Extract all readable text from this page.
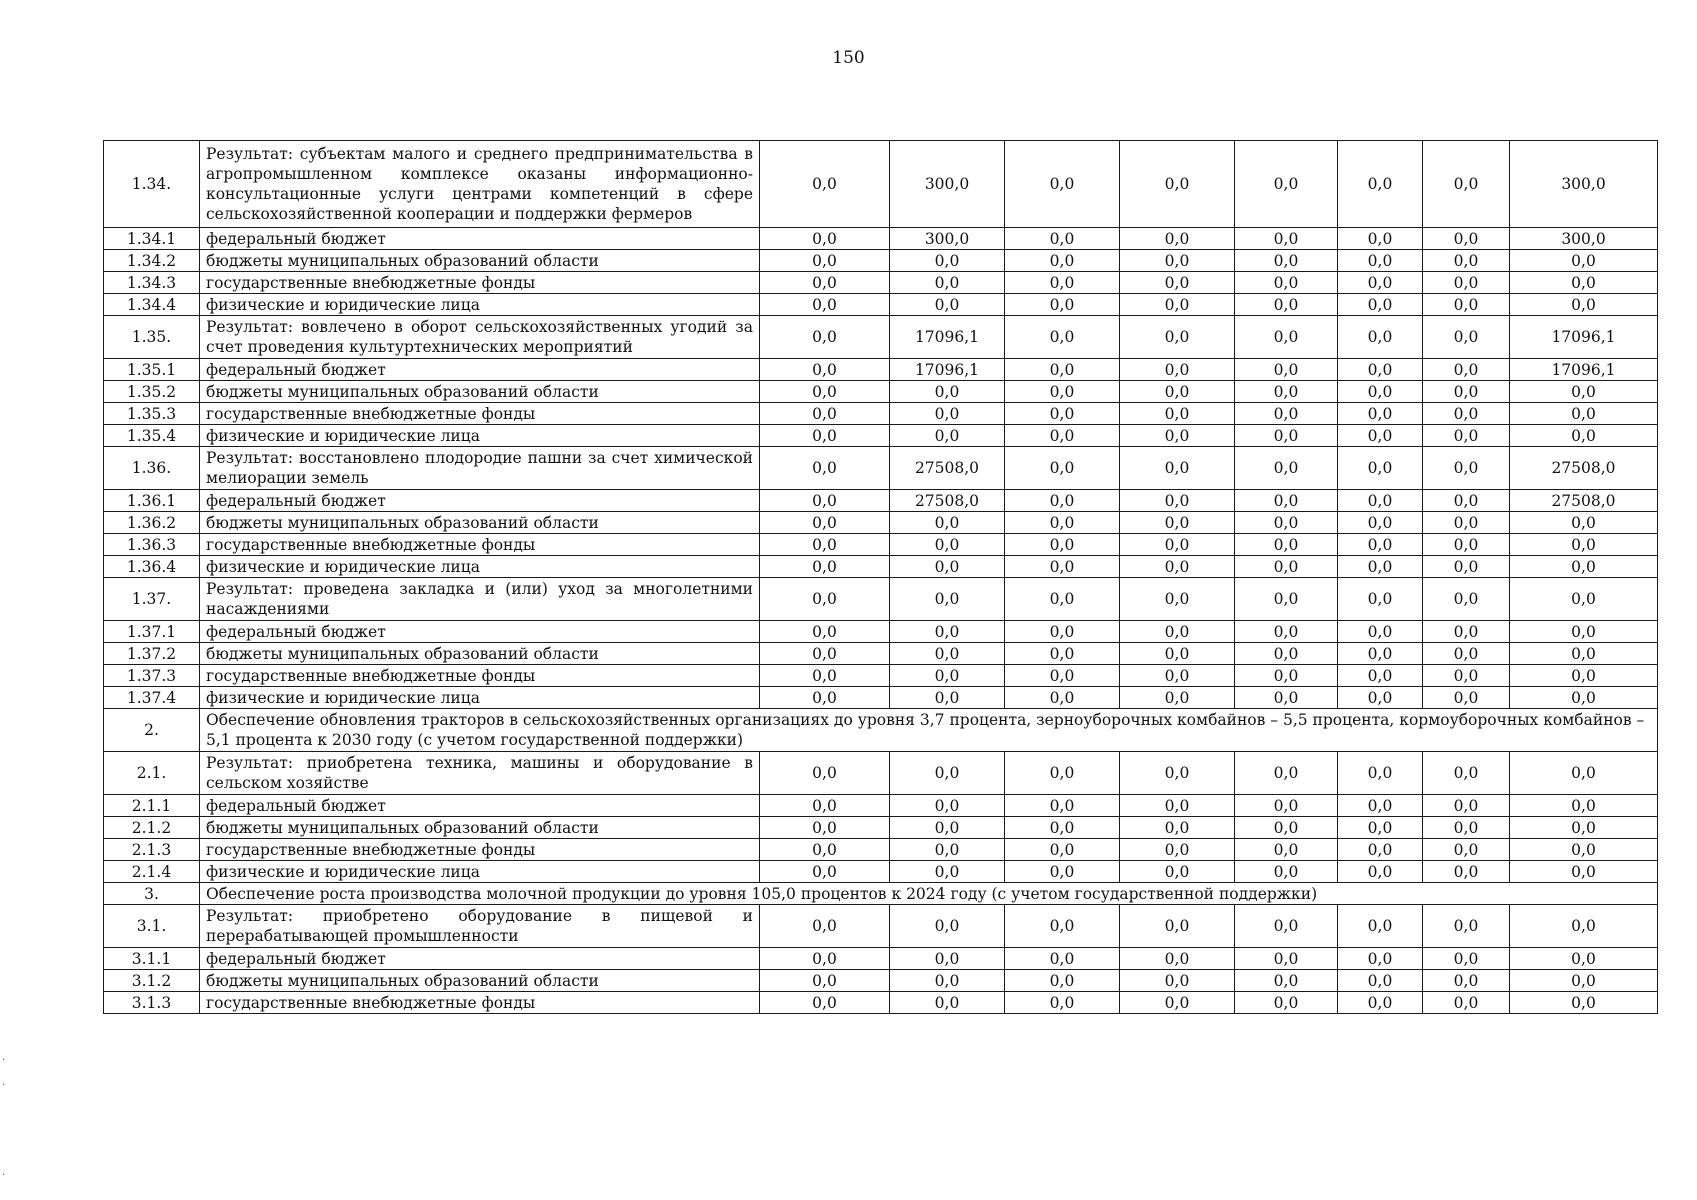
150
1.34.	Результат: субъектам малого и среднего предпринимательства в агропромышленном комплексе оказаны информационно-консультационные услуги центрами компетенций в сфере сельскохозяйственной кооперации и поддержки фермеров	0,0	300,0	0,0	0,0	0,0	0,0	0,0	300,0
1.34.1	федеральный бюджет	0,0	300,0	0,0	0,0	0,0	0,0	0,0	300,0
1.34.2	бюджеты муниципальных образований области	0,0	0,0	0,0	0,0	0,0	0,0	0,0	0,0
1.34.3	государственные внебюджетные фонды	0,0	0,0	0,0	0,0	0,0	0,0	0,0	0,0
1.34.4	физические и юридические лица	0,0	0,0	0,0	0,0	0,0	0,0	0,0	0,0
1.35.	Результат: вовлечено в оборот сельскохозяйственных угодий за счет проведения культуртехнических мероприятий	0,0	17096,1	0,0	0,0	0,0	0,0	0,0	17096,1
1.35.1	федеральный бюджет	0,0	17096,1	0,0	0,0	0,0	0,0	0,0	17096,1
1.35.2	бюджеты муниципальных образований области	0,0	0,0	0,0	0,0	0,0	0,0	0,0	0,0
1.35.3	государственные внебюджетные фонды	0,0	0,0	0,0	0,0	0,0	0,0	0,0	0,0
1.35.4	физические и юридические лица	0,0	0,0	0,0	0,0	0,0	0,0	0,0	0,0
1.36.	Результат: восстановлено плодородие пашни за счет химической мелиорации земель	0,0	27508,0	0,0	0,0	0,0	0,0	0,0	27508,0
1.36.1	федеральный бюджет	0,0	27508,0	0,0	0,0	0,0	0,0	0,0	27508,0
1.36.2	бюджеты муниципальных образований области	0,0	0,0	0,0	0,0	0,0	0,0	0,0	0,0
1.36.3	государственные внебюджетные фонды	0,0	0,0	0,0	0,0	0,0	0,0	0,0	0,0
1.36.4	физические и юридические лица	0,0	0,0	0,0	0,0	0,0	0,0	0,0	0,0
1.37.	Результат: проведена закладка и (или) уход за многолетними насаждениями	0,0	0,0	0,0	0,0	0,0	0,0	0,0	0,0
1.37.1	федеральный бюджет	0,0	0,0	0,0	0,0	0,0	0,0	0,0	0,0
1.37.2	бюджеты муниципальных образований области	0,0	0,0	0,0	0,0	0,0	0,0	0,0	0,0
1.37.3	государственные внебюджетные фонды	0,0	0,0	0,0	0,0	0,0	0,0	0,0	0,0
1.37.4	физические и юридические лица	0,0	0,0	0,0	0,0	0,0	0,0	0,0	0,0
2.	Обеспечение обновления тракторов в сельскохозяйственных организациях до уровня 3,7 процента, зерноуборочных комбайнов – 5,5 процента, кормоуборочных комбайнов – 5,1 процента к 2030 году (с учетом государственной поддержки)								
2.1.	Результат: приобретена техника, машины и оборудование в сельском хозяйстве	0,0	0,0	0,0	0,0	0,0	0,0	0,0	0,0
2.1.1	федеральный бюджет	0,0	0,0	0,0	0,0	0,0	0,0	0,0	0,0
2.1.2	бюджеты муниципальных образований области	0,0	0,0	0,0	0,0	0,0	0,0	0,0	0,0
2.1.3	государственные внебюджетные фонды	0,0	0,0	0,0	0,0	0,0	0,0	0,0	0,0
2.1.4	физические и юридические лица	0,0	0,0	0,0	0,0	0,0	0,0	0,0	0,0
3.	Обеспечение роста производства молочной продукции до уровня 105,0 процентов к 2024 году (с учетом государственной поддержки)								
3.1.	Результат: приобретено оборудование в пищевой и перерабатывающей промышленности	0,0	0,0	0,0	0,0	0,0	0,0	0,0	0,0
3.1.1	федеральный бюджет	0,0	0,0	0,0	0,0	0,0	0,0	0,0	0,0
3.1.2	бюджеты муниципальных образований области	0,0	0,0	0,0	0,0	0,0	0,0	0,0	0,0
3.1.3	государственные внебюджетные фонды	0,0	0,0	0,0	0,0	0,0	0,0	0,0	0,0
·
·
·
